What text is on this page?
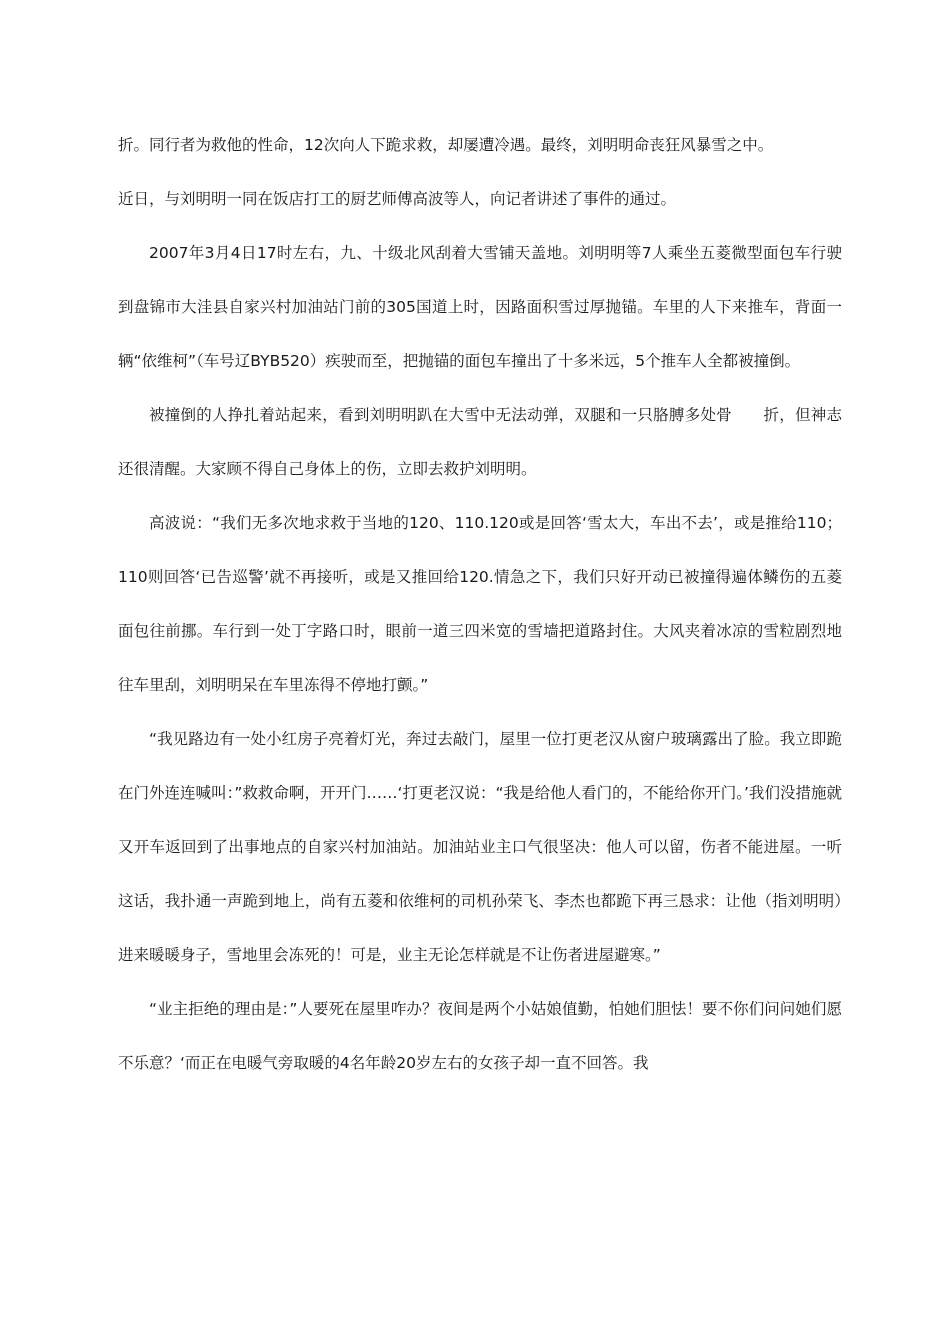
折。同行者为救他的性命，12次向人下跪求救，却屡遭冷遇。最终，刘明明命丧狂风暴雪之中。

近日，与刘明明一同在饭店打工的厨艺师傅高波等人，向记者讲述了事件的通过。

2007年3月4日17时左右，九、十级北风刮着大雪铺天盖地。刘明明等7人乘坐五菱微型面包车行驶到盘锦市大洼县自家兴村加油站门前的305国道上时，因路面积雪过厚抛锚。车里的人下来推车，背面一辆“依维柯”（车号辽BYB520）疾驶而至，把抛锚的面包车撞出了十多米远，5个推车人全都被撞倒。

被撞倒的人挣扎着站起来，看到刘明明趴在大雪中无法动弹，双腿和一只胳膊多处骨　　折，但神志还很清醒。大家顾不得自己身体上的伤，立即去救护刘明明。

高波说：“我们无多次地求救于当地的120、110.120或是回答‘雪太大，车出不去’，或是推给110；110则回答‘已告巡警’就不再接听，或是又推回给120.情急之下，我们只好开动已被撞得遍体鳞伤的五菱面包往前挪。车行到一处丁字路口时，眼前一道三四米宽的雪墙把道路封住。大风夹着冰凉的雪粒剧烈地往车里刮，刘明明呆在车里冻得不停地打颤。”

“我见路边有一处小红房子亮着灯光，奔过去敲门，屋里一位打更老汉从窗户玻璃露出了脸。我立即跪在门外连连喊叫：”救救命啊，开开门……‘打更老汉说：“我是给他人看门的，不能给你开门。’我们没措施就又开车返回到了出事地点的自家兴村加油站。加油站业主口气很坚决：他人可以留，伤者不能进屋。一听这话，我扑通一声跪到地上，尚有五菱和依维柯的司机孙荣飞、李杰也都跪下再三恳求：让他（指刘明明）进来暖暖身子，雪地里会冻死的！可是，业主无论怎样就是不让伤者进屋避寒。”

“业主拒绝的理由是：”人要死在屋里咋办？夜间是两个小姑娘值勤，怕她们胆怯！要不你们问问她们愿不乐意？‘而正在电暖气旁取暖的4名年龄20岁左右的女孩子却一直不回答。我
